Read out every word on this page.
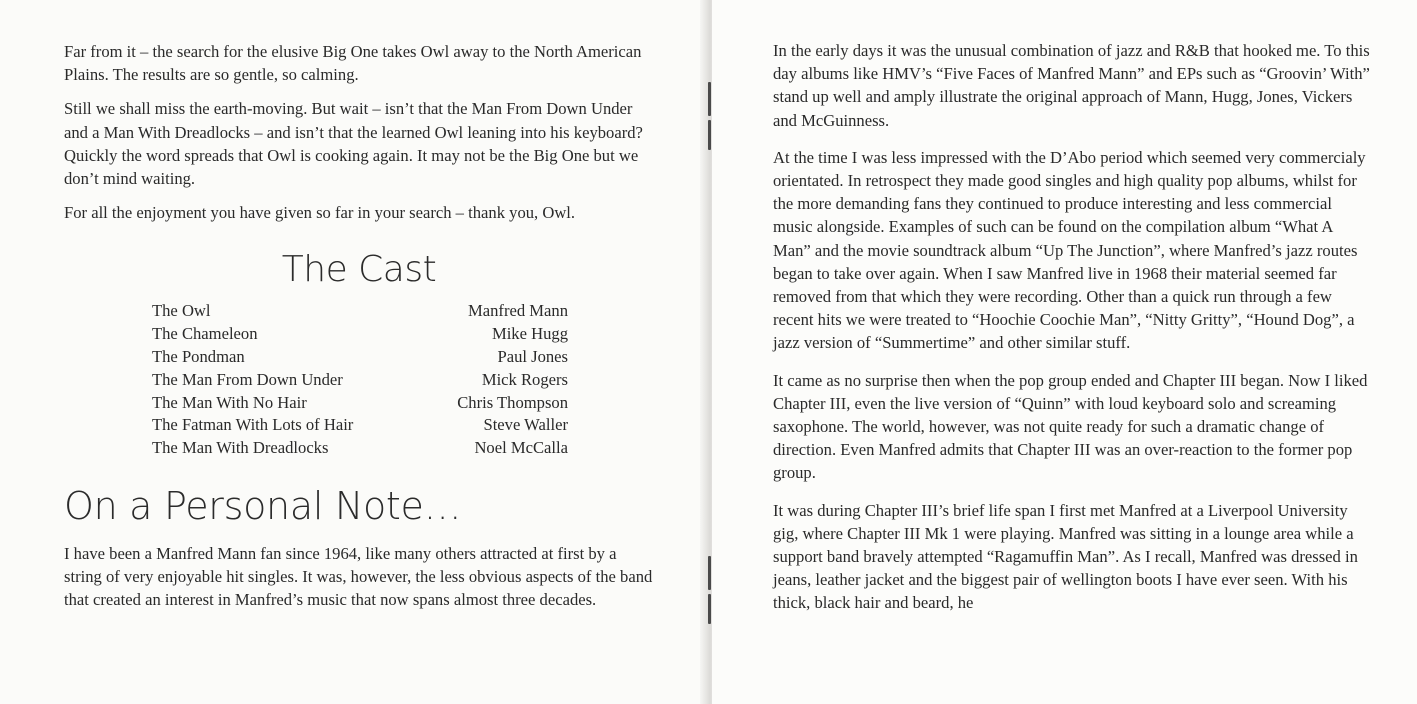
Far from it – the search for the elusive Big One takes Owl away to the North American Plains. The results are so gentle, so calming.

Still we shall miss the earth-moving. But wait – isn’t that the Man From Down Under and a Man With Dreadlocks – and isn’t that the learned Owl leaning into his keyboard? Quickly the word spreads that Owl is cooking again. It may not be the Big One but we don’t mind waiting.

For all the enjoyment you have given so far in your search – thank you, Owl.

The Cast
The Owl	Manfred Mann
The Chameleon	Mike Hugg
The Pondman	Paul Jones
The Man From Down Under	Mick Rogers
The Man With No Hair	Chris Thompson
The Fatman With Lots of Hair	Steve Waller
The Man With Dreadlocks	Noel McCalla
On a Personal Note…

I have been a Manfred Mann fan since 1964, like many others attracted at first by a string of very enjoyable hit singles. It was, however, the less obvious aspects of the band that created an interest in Manfred’s music that now spans almost three decades.

In the early days it was the unusual combination of jazz and R&B that hooked me. To this day albums like HMV’s “Five Faces of Manfred Mann” and EPs such as “Groovin’ With” stand up well and amply illustrate the original approach of Mann, Hugg, Jones, Vickers and McGuinness.

At the time I was less impressed with the D’Abo period which seemed very commercialy orientated. In retrospect they made good singles and high quality pop albums, whilst for the more demanding fans they continued to produce interesting and less commercial music alongside. Examples of such can be found on the compilation album “What A Man” and the movie soundtrack album “Up The Junction”, where Manfred’s jazz routes began to take over again. When I saw Manfred live in 1968 their material seemed far removed from that which they were recording. Other than a quick run through a few recent hits we were treated to “Hoochie Coochie Man”, “Nitty Gritty”, “Hound Dog”, a jazz version of “Summertime” and other similar stuff.

It came as no surprise then when the pop group ended and Chapter III began. Now I liked Chapter III, even the live version of “Quinn” with loud keyboard solo and screaming saxophone. The world, however, was not quite ready for such a dramatic change of direction. Even Manfred admits that Chapter III was an over-reaction to the former pop group.

It was during Chapter III’s brief life span I first met Manfred at a Liverpool University gig, where Chapter III Mk 1 were playing. Manfred was sitting in a lounge area while a support band bravely attempted “Ragamuffin Man”. As I recall, Manfred was dressed in jeans, leather jacket and the biggest pair of wellington boots I have ever seen. With his thick, black hair and beard, he
